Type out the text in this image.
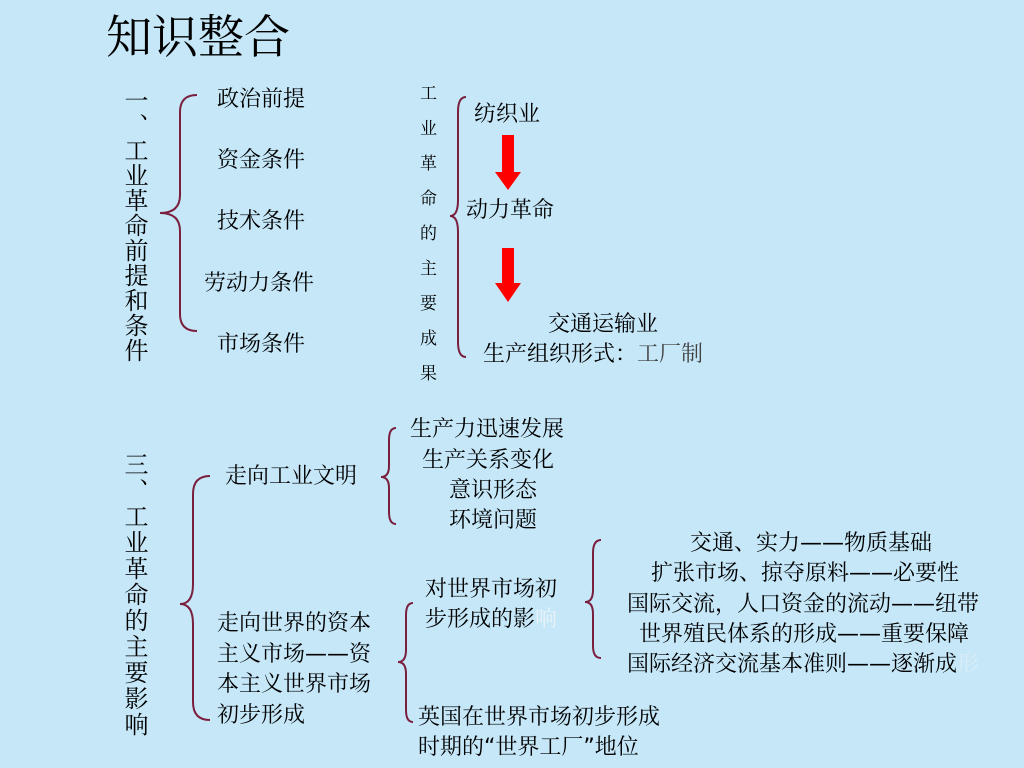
知识整合
一、工业革命前提和条件	政治前提
资金条件
技术条件
劳动力条件
市场条件	工业革命的主要成果 纺织业
动力革命
交通运输业
生产组织形式：工厂制
三、工业革命的主要影响	走向工业文明
生产力迅速发展
生产关系变化
意识形态
环境问题
走向世界的资本
主义市场——资
本主义世界市场
初步形成
对世界市场初
步形成的影响
交通、实力——物质基础
扩张市场、掠夺原料——必要性
国际交流，人口资金的流动——纽带
世界殖民体系的形成——重要保障
国际经济交流基本准则——逐渐成形
英国在世界市场初步形成
时期的“世界工厂”地位
